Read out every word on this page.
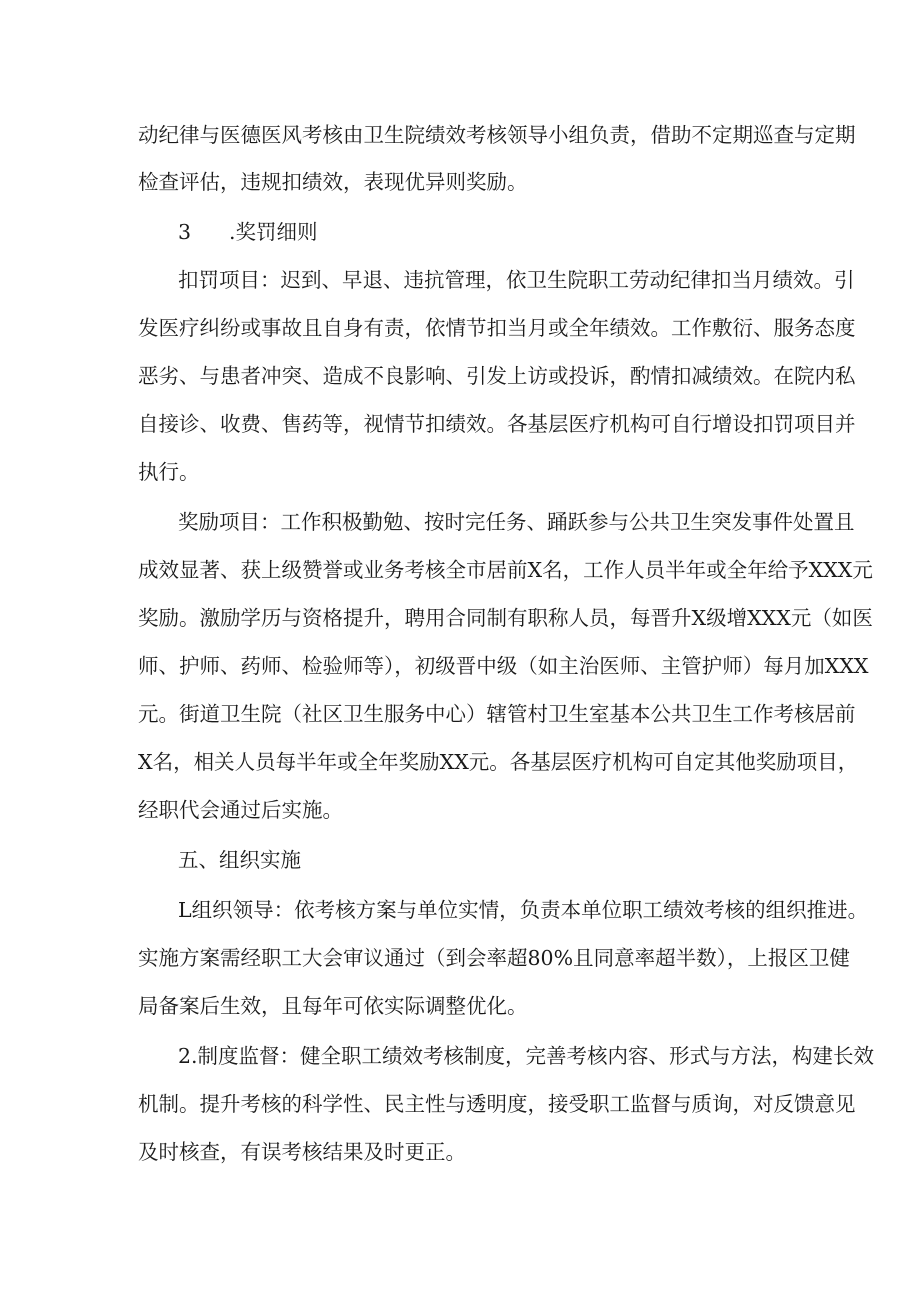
动纪律与医德医风考核由卫生院绩效考核领导小组负责，借助不定期巡查与定期
检查评估，违规扣绩效，表现优异则奖励。
3 .奖罚细则
扣罚项目：迟到、早退、违抗管理，依卫生院职工劳动纪律扣当月绩效。引
发医疗纠纷或事故且自身有责，依情节扣当月或全年绩效。工作敷衍、服务态度
恶劣、与患者冲突、造成不良影响、引发上访或投诉，酌情扣减绩效。在院内私
自接诊、收费、售药等，视情节扣绩效。各基层医疗机构可自行增设扣罚项目并
执行。
奖励项目：工作积极勤勉、按时完任务、踊跃参与公共卫生突发事件处置且
成效显著、获上级赞誉或业务考核全市居前X名，工作人员半年或全年给予XXX元
奖励。激励学历与资格提升，聘用合同制有职称人员，每晋升X级增XXX元（如医
师、护师、药师、检验师等），初级晋中级（如主治医师、主管护师）每月加XXX
元。街道卫生院（社区卫生服务中心）辖管村卫生室基本公共卫生工作考核居前
X名，相关人员每半年或全年奖励XX元。各基层医疗机构可自定其他奖励项目，
经职代会通过后实施。
五、组织实施
L组织领导：依考核方案与单位实情，负责本单位职工绩效考核的组织推进。
实施方案需经职工大会审议通过（到会率超80%且同意率超半数），上报区卫健
局备案后生效，且每年可依实际调整优化。
2.制度监督：健全职工绩效考核制度，完善考核内容、形式与方法，构建长效
机制。提升考核的科学性、民主性与透明度，接受职工监督与质询，对反馈意见
及时核查，有误考核结果及时更正。
